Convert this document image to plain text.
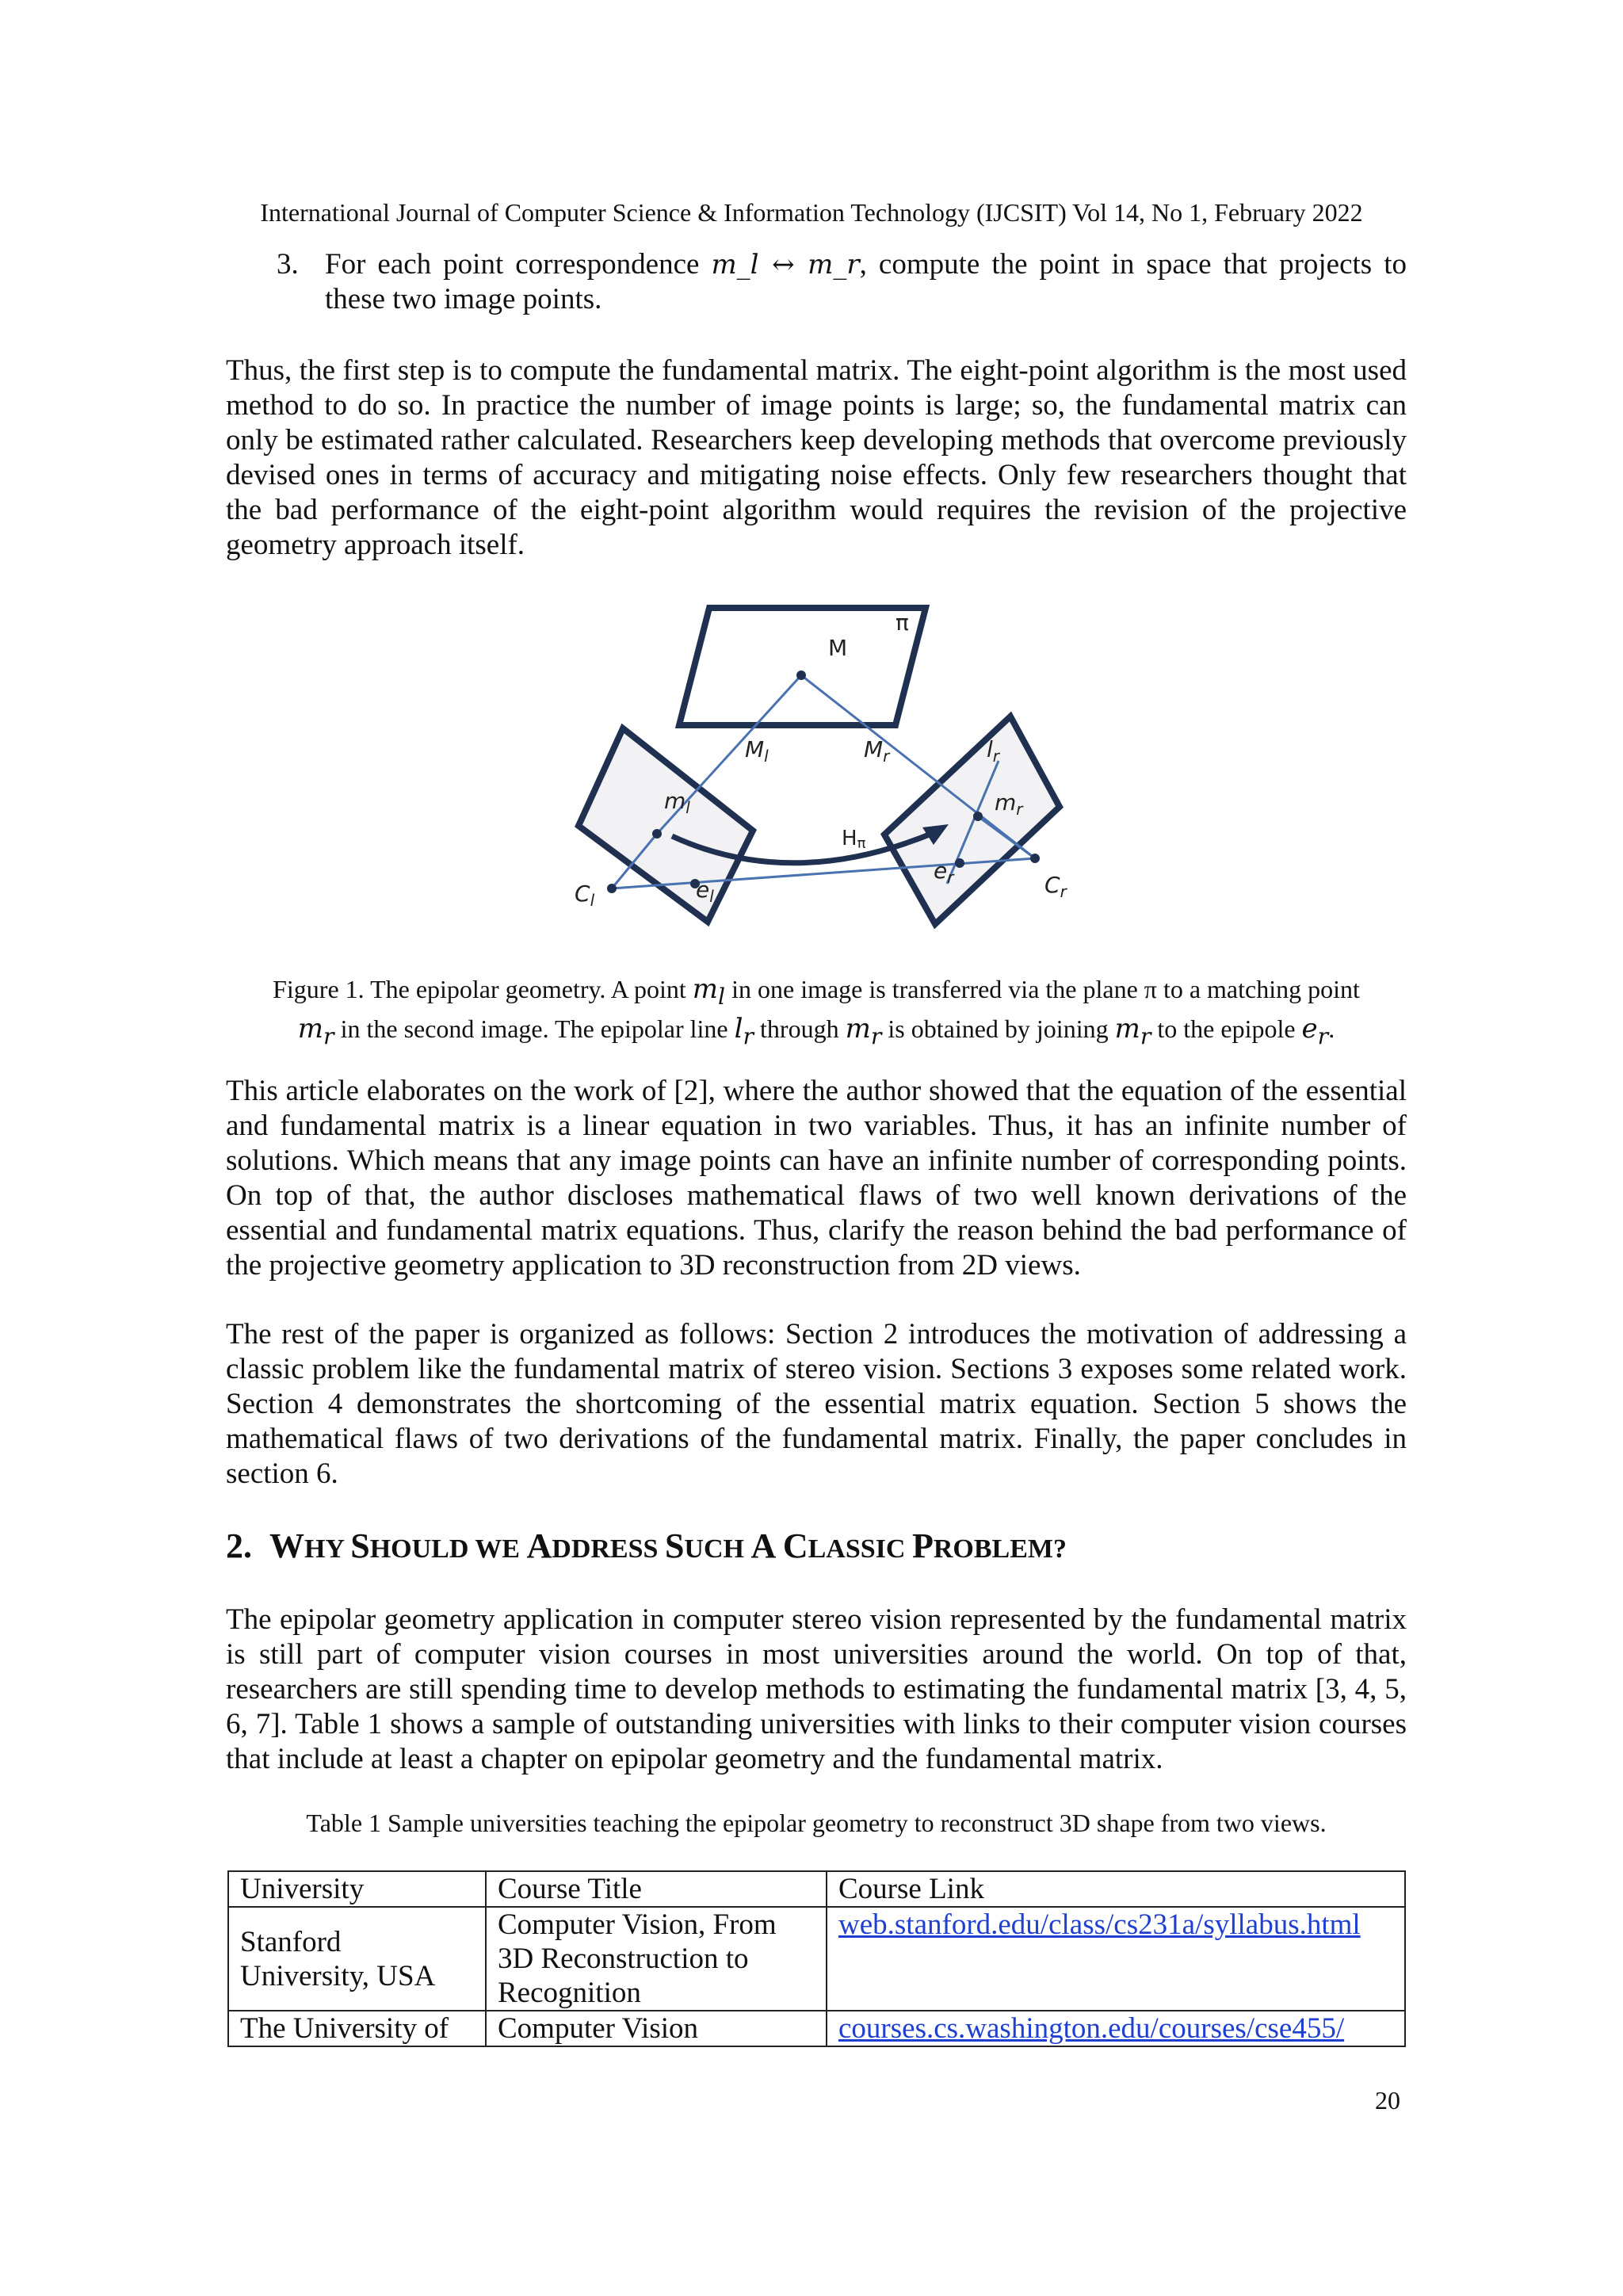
International Journal of Computer Science & Information Technology (IJCSIT) Vol 14, No 1, February 2022
3. For each point correspondence m_l ↔ m_r, compute the point in space that projects to these two image points.

Thus, the first step is to compute the fundamental matrix. The eight-point algorithm is the most used method to do so. In practice the number of image points is large; so, the fundamental matrix can only be estimated rather calculated. Researchers keep developing methods that overcome previously devised ones in terms of accuracy and mitigating noise effects. Only few researchers thought that the bad performance of the eight-point algorithm would requires the revision of the projective geometry approach itself.

M
π
$M_l$	$M_r$	$l_r$
$m_l$	$m_r$
Hπ
$e_r$
$e_l$
$C_l$
$C_r$
Figure 1. The epipolar geometry. A point $m_l$ in one image is transferred via the plane π to a matching point
$m_r$ in the second image. The epipolar line $l_r$ through $m_r$ is obtained by joining $m_r$ to the epipole $e_r$.

This article elaborates on the work of [2], where the author showed that the equation of the essential and fundamental matrix is a linear equation in two variables. Thus, it has an infinite number of solutions. Which means that any image points can have an infinite number of corresponding points. On top of that, the author discloses mathematical flaws of two well known derivations of the essential and fundamental matrix equations. Thus, clarify the reason behind the bad performance of the projective geometry application to 3D reconstruction from 2D views.

The rest of the paper is organized as follows: Section 2 introduces the motivation of addressing a classic problem like the fundamental matrix of stereo vision. Sections 3 exposes some related work. Section 4 demonstrates the shortcoming of the essential matrix equation. Section 5 shows the mathematical flaws of two derivations of the fundamental matrix. Finally, the paper concludes in section 6.

2. WHY SHOULD WE ADDRESS SUCH A CLASSIC PROBLEM?

The epipolar geometry application in computer stereo vision represented by the fundamental matrix is still part of computer vision courses in most universities around the world. On top of that, researchers are still spending time to develop methods to estimating the fundamental matrix [3, 4, 5, 6, 7]. Table 1 shows a sample of outstanding universities with links to their computer vision courses that include at least a chapter on epipolar geometry and the fundamental matrix.

Table 1 Sample universities teaching the epipolar geometry to reconstruct 3D shape from two views.
University	Course Title	Course Link
Stanford University, USA	Computer Vision, From 3D Reconstruction to Recognition	web.stanford.edu/class/cs231a/syllabus.html
The University of	Computer Vision	courses.cs.washington.edu/courses/cse455/
20
